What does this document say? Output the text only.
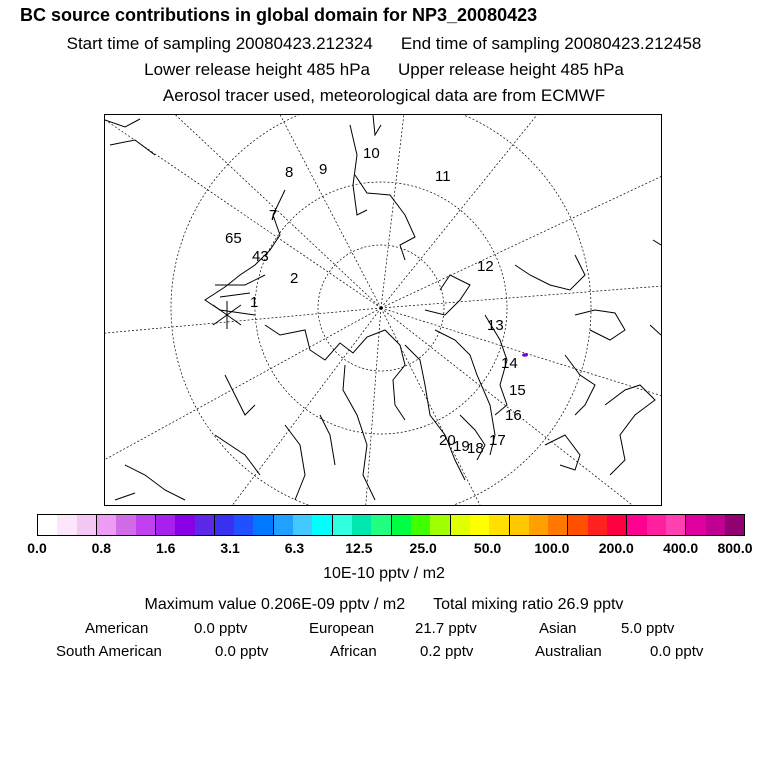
BC source contributions in global domain for NP3_20080423
Start time of sampling 20080423.212324 End time of sampling 20080423.212458
Lower release height 485 hPa Upper release height 485 hPa
Aerosol tracer used, meteorological data are from ECMWF
1
2
43
65
7
8 9
10
11
12
13
14
15
16
17
20
19
18
0.0	0.8	1.6	3.1	6.3	12.5	25.0	50.0 100.0 200.0 400.0 800.0
10E-10 pptv / m2
Maximum value 0.206E-09 pptv / m2 Total mixing ratio 26.9 pptv
American	0.0 pptv	European	21.7 pptv	Asian	5.0 pptv
South American	0.0 pptv	African	0.2 pptv	Australian	0.0 pptv
